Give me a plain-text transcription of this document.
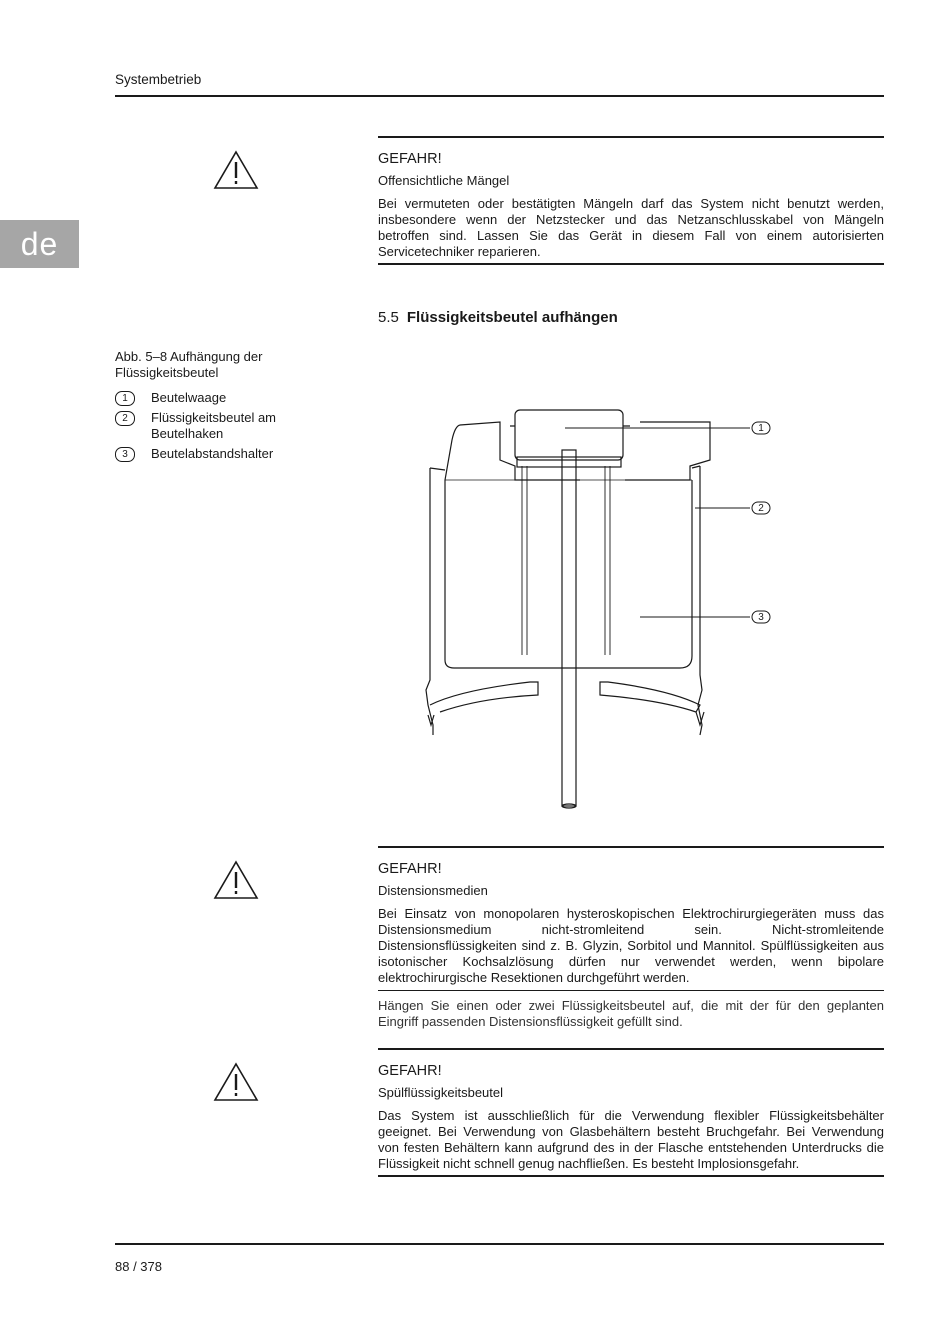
Systembetrieb
de
GEFAHR!
Offensichtliche Mängel

Bei vermuteten oder bestätigten Mängeln darf das System nicht benutzt werden, insbesondere wenn der Netzstecker und das Netzanschlusskabel von Mängeln betroffen sind. Lassen Sie das Gerät in diesem Fall von einem autorisierten Servicetechniker reparieren.

5.5 Flüssigkeitsbeutel aufhängen
Abb. 5–8 Aufhängung der Flüssigkeitsbeutel
1	Beutelwaage
2	Flüssigkeitsbeutel am Beutelhaken
3	Beutelabstandshalter
1
2
3
GEFAHR!
Distensionsmedien

Bei Einsatz von monopolaren hysteroskopischen Elektrochirurgiegeräten muss das Distensionsmedium nicht-stromleitend sein. Nicht-stromleitende Distensionsflüssigkeiten sind z. B. Glyzin, Sorbitol und Mannitol. Spülflüssigkeiten aus isotonischer Kochsalzlösung dürfen nur verwendet werden, wenn bipolare elektrochirurgische Resektionen durchgeführt werden.

Hängen Sie einen oder zwei Flüssigkeitsbeutel auf, die mit der für den geplanten Eingriff passenden Distensionsflüssigkeit gefüllt sind.
GEFAHR!
Spülflüssigkeitsbeutel

Das System ist ausschließlich für die Verwendung flexibler Flüssigkeitsbehälter geeignet. Bei Verwendung von Glasbehältern besteht Bruchgefahr. Bei Verwendung von festen Behältern kann aufgrund des in der Flasche entstehenden Unterdrucks die Flüssigkeit nicht schnell genug nachfließen. Es besteht Implosionsgefahr.

88 / 378
